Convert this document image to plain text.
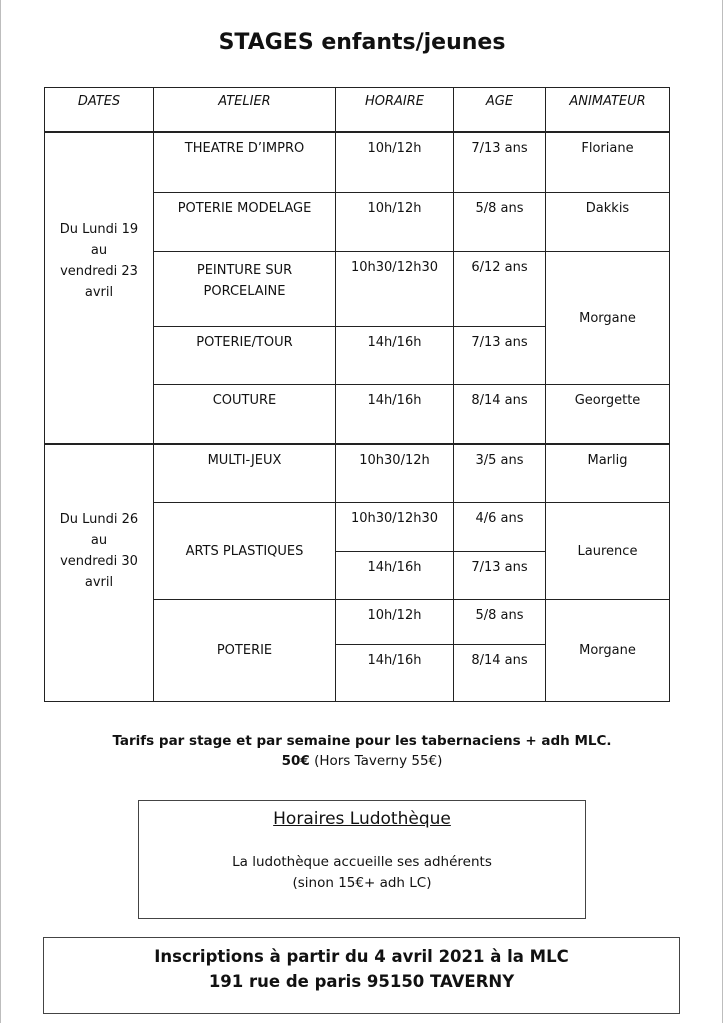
STAGES enfants/jeunes
DATES	ATELIER	HORAIRE	AGE	ANIMATEUR

Du Lundi 19
au
vendredi 23
avril	THEATRE D’IMPRO	10h/12h	7/13 ans	Floriane
	POTERIE MODELAGE	10h/12h	5/8 ans	Dakkis

	PEINTURE SUR
PORCELAINE	10h30/12h30	6/12 ans	Morgane
	POTERIE/TOUR	14h/16h	7/13 ans	
	COUTURE	14h/16h	8/14 ans	Georgette

Du Lundi 26
au
vendredi 30
avril	MULTI-JEUX	10h30/12h	3/5 ans	Marlig
	ARTS PLASTIQUES	10h30/12h30	4/6 ans	Laurence
		14h/16h	7/13 ans	
	POTERIE	10h/12h	5/8 ans	Morgane
		14h/16h	8/14 ans	
Tarifs par stage et par semaine pour les tabernaciens + adh MLC.
50€ (Hors Taverny 55€)
Horaires Ludothèque
La ludothèque accueille ses adhérents
(sinon 15€+ adh LC)
Inscriptions à partir du 4 avril 2021 à la MLC
191 rue de paris 95150 TAVERNY
